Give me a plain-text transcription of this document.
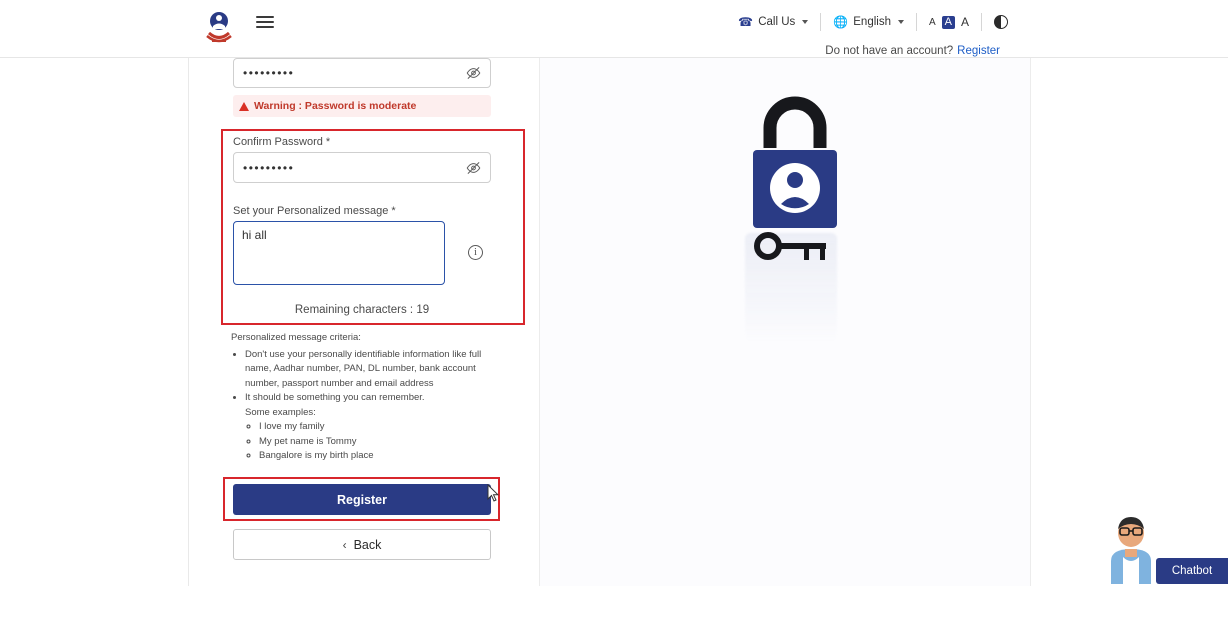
☎ Call Us	🌐 English	A A A
Do not have an account? Register
•••••••••
Warning : Password is moderate
Confirm Password *
•••••••••
Set your Personalized message *
hi all
i
Remaining characters : 19
Personalized message criteria:
• Don't use your personally identifiable information like full name, Aadhar number, PAN, DL number, bank account number, passport number and email address
• It should be something you can remember.
Some examples:
◦ I love my family
◦ My pet name is Tommy
◦ Bangalore is my birth place
Register
‹ Back
Chatbot
